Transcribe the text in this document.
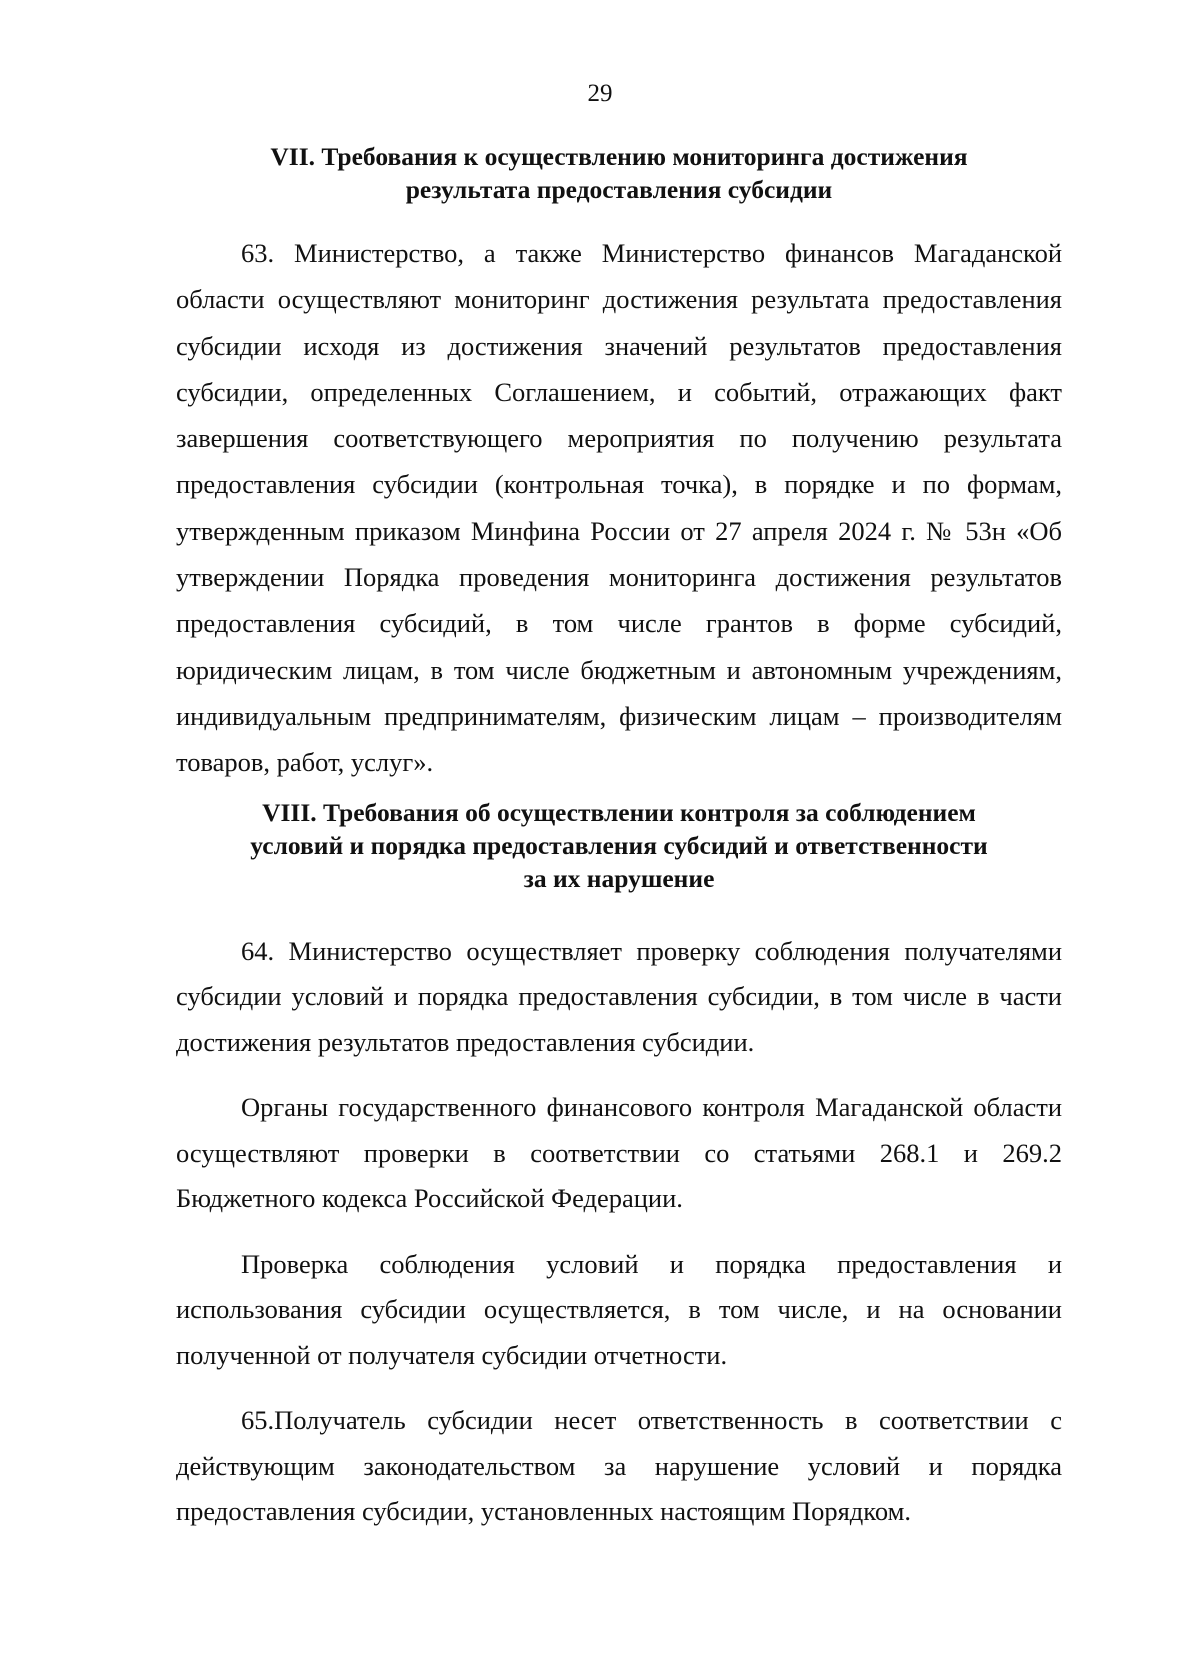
29
VII. Требования к осуществлению мониторинга достижения
результата предоставления субсидии

63. Министерство, а также Министерство финансов Магаданской области осуществляют мониторинг достижения результата предоставления субсидии исходя из достижения значений результатов предоставления субсидии, определенных Соглашением, и событий, отражающих факт завершения соответствующего мероприятия по получению результата предоставления субсидии (контрольная точка), в порядке и по формам, утвержденным приказом Минфина России от 27 апреля 2024 г. № 53н «Об утверждении Порядка проведения мониторинга достижения результатов предоставления субсидий, в том числе грантов в форме субсидий, юридическим лицам, в том числе бюджетным и автономным учреждениям, индивидуальным предпринимателям, физическим лицам – производителям товаров, работ, услуг».

VIII. Требования об осуществлении контроля за соблюдением
условий и порядка предоставления субсидий и ответственности
за их нарушение

64. Министерство осуществляет проверку соблюдения получателями субсидии условий и порядка предоставления субсидии, в том числе в части достижения результатов предоставления субсидии.

Органы государственного финансового контроля Магаданской области осуществляют проверки в соответствии со статьями 268.1 и 269.2 Бюджетного кодекса Российской Федерации.

Проверка соблюдения условий и порядка предоставления и использования субсидии осуществляется, в том числе, и на основании полученной от получателя субсидии отчетности.

65.Получатель субсидии несет ответственность в соответствии с действующим законодательством за нарушение условий и порядка предоставления субсидии, установленных настоящим Порядком.
